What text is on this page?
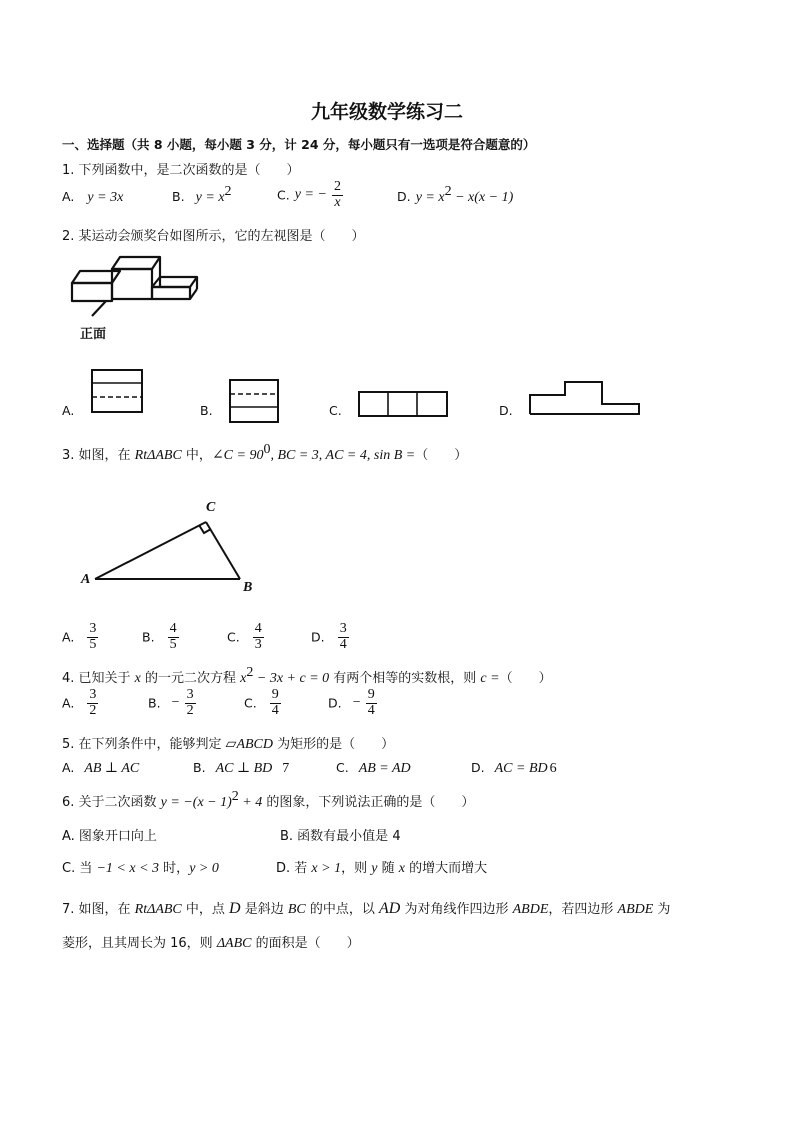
九年级数学练习二
一、选择题（共 8 小题，每小题 3 分，计 24 分，每小题只有一选项是符合题意的）
1. 下列函数中，是二次函数的是（　　）
A. y = 3x	B. $y = x^2$	C. y = − $\frac{2}{x}$	D. $y = x^2 - x(x - 1)$
2. 某运动会颁奖台如图所示，它的左视图是（　　）
正面
A.	B.	C.	D.
3. 如图，在 RtΔABC 中，∠C = $90^0$, BC = 3, AC = 4, sin B =（　　）
C
A
B
A. $\frac{3}{5}$	B. $\frac{4}{5}$	C. $\frac{4}{3}$	D. $\frac{3}{4}$
4. 已知关于 x 的一元二次方程 $x^2 - 3x + c = 0$ 有两个相等的实数根，则 c =（　　）
A. $\frac{3}{2}$	B. − $\frac{3}{2}$	C. $\frac{9}{4}$	D. − $\frac{9}{4}$
5. 在下列条件中，能够判定 ▱ABCD 为矩形的是（　　）
A. AB ⊥ AC	B. AC ⊥ BD 7	C. AB = AD	D. AC = BD 6
6. 关于二次函数 $y = -(x - 1)^2 + 4$ 的图象，下列说法正确的是（　　）
A. 图象开口向上	B. 函数有最小值是 4
C. 当 −1 < x < 3 时，y > 0	D. 若 x > 1，则 y 随 x 的增大而增大
7. 如图，在 RtΔABC 中，点 D 是斜边 BC 的中点，以 AD 为对角线作四边形 ABDE，若四边形 ABDE 为
菱形，且其周长为 16，则 ΔABC 的面积是（　　）
